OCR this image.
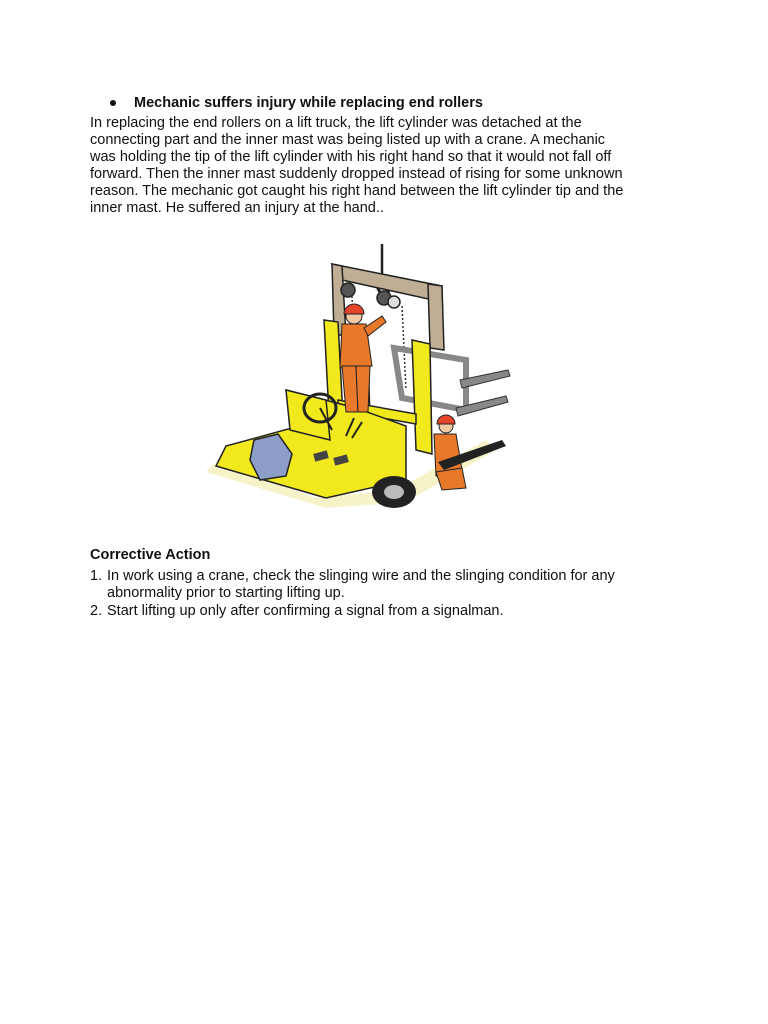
Mechanic suffers injury while replacing end rollers
In replacing the end rollers on a lift truck, the lift cylinder was detached at the
connecting part and the inner mast was being listed up with a crane. A mechanic
was holding the tip of the lift cylinder with his right hand so that it would not fall off
forward. Then the inner mast suddenly dropped instead of rising for some unknown
reason. The mechanic got caught his right hand between the lift cylinder tip and the
inner mast. He suffered an injury at the hand..
Corrective Action
1. In work using a crane, check the slinging wire and the slinging condition for any
abnormality prior to starting lifting up.
2. Start lifting up only after confirming a signal from a signalman.
